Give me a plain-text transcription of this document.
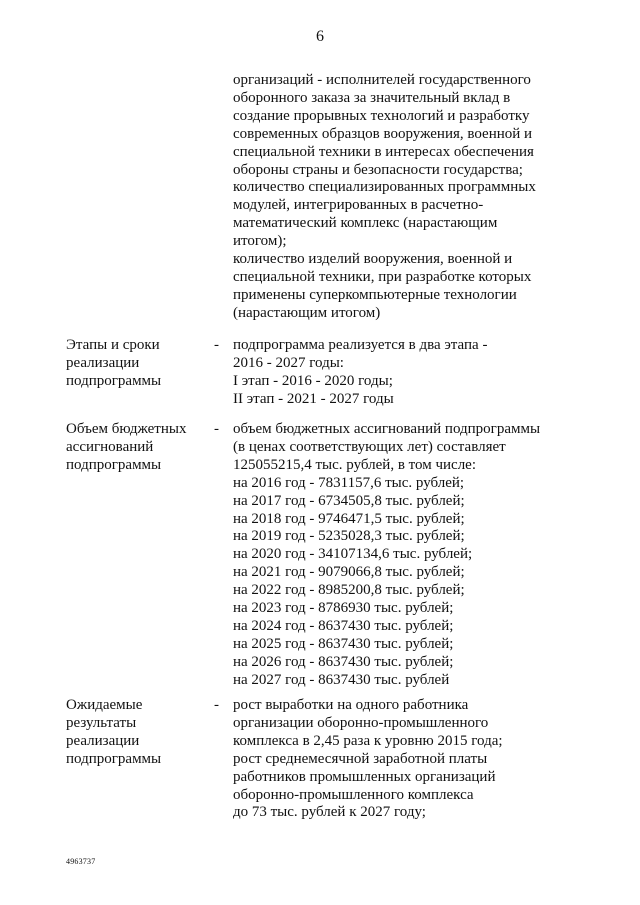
6
организаций - исполнителей государственного
оборонного заказа за значительный вклад в
создание прорывных технологий и разработку
современных образцов вооружения, военной и
специальной техники в интересах обеспечения
обороны страны и безопасности государства;
количество специализированных программных
модулей, интегрированных в расчетно-
математический комплекс (нарастающим
итогом);
количество изделий вооружения, военной и
специальной техники, при разработке которых
применены суперкомпьютерные технологии
(нарастающим итогом)
Этапы и сроки
реализации
подпрограммы
- подпрограмма реализуется в два этапа -
2016 - 2027 годы:
I этап - 2016 - 2020 годы;
II этап - 2021 - 2027 годы
Объем бюджетных
ассигнований
подпрограммы
- объем бюджетных ассигнований подпрограммы
(в ценах соответствующих лет) составляет
125055215,4 тыс. рублей, в том числе:
на 2016 год - 7831157,6 тыс. рублей;
на 2017 год - 6734505,8 тыс. рублей;
на 2018 год - 9746471,5 тыс. рублей;
на 2019 год - 5235028,3 тыс. рублей;
на 2020 год - 34107134,6 тыс. рублей;
на 2021 год - 9079066,8 тыс. рублей;
на 2022 год - 8985200,8 тыс. рублей;
на 2023 год - 8786930 тыс. рублей;
на 2024 год - 8637430 тыс. рублей;
на 2025 год - 8637430 тыс. рублей;
на 2026 год - 8637430 тыс. рублей;
на 2027 год - 8637430 тыс. рублей
Ожидаемые
результаты
реализации
подпрограммы
- рост выработки на одного работника
организации оборонно-промышленного
комплекса в 2,45 раза к уровню 2015 года;
рост среднемесячной заработной платы
работников промышленных организаций
оборонно-промышленного комплекса
до 73 тыс. рублей к 2027 году;
4963737
